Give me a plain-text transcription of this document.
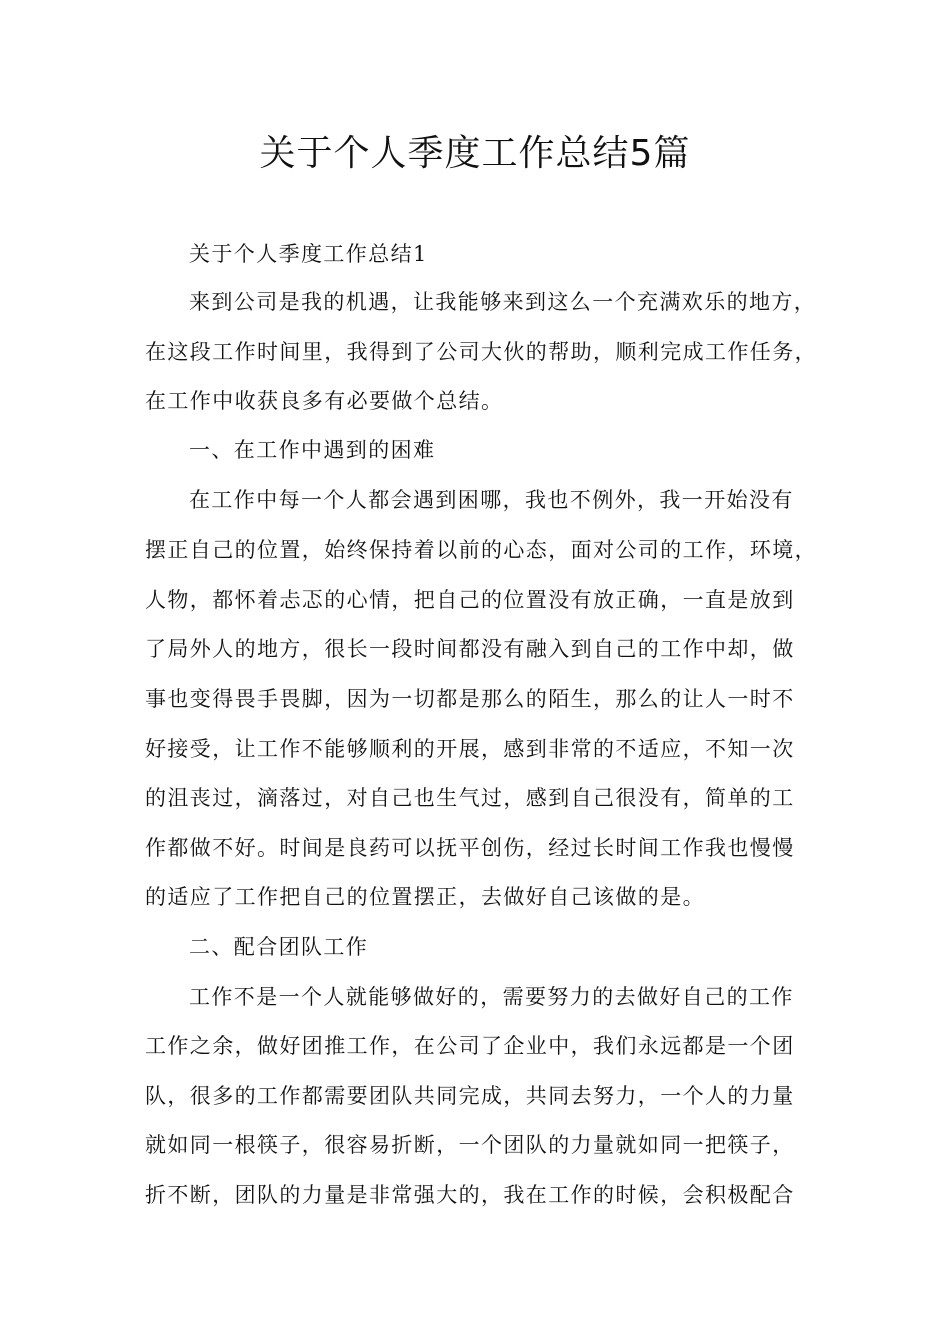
关于个人季度工作总结5篇

关于个人季度工作总结1

来到公司是我的机遇，让我能够来到这么一个充满欢乐的地方，

在这段工作时间里，我得到了公司大伙的帮助，顺利完成工作任务，

在工作中收获良多有必要做个总结。

一、在工作中遇到的困难

在工作中每一个人都会遇到困哪，我也不例外，我一开始没有

摆正自己的位置，始终保持着以前的心态，面对公司的工作，环境，

人物，都怀着忐忑的心情，把自己的位置没有放正确，一直是放到

了局外人的地方，很长一段时间都没有融入到自己的工作中却，做

事也变得畏手畏脚，因为一切都是那么的陌生，那么的让人一时不

好接受，让工作不能够顺利的开展，感到非常的不适应，不知一次

的沮丧过，滴落过，对自己也生气过，感到自己很没有，简单的工

作都做不好。时间是良药可以抚平创伤，经过长时间工作我也慢慢

的适应了工作把自己的位置摆正，去做好自己该做的是。

二、配合团队工作

工作不是一个人就能够做好的，需要努力的去做好自己的工作

工作之余，做好团推工作，在公司了企业中，我们永远都是一个团

队，很多的工作都需要团队共同完成，共同去努力，一个人的力量

就如同一根筷子，很容易折断，一个团队的力量就如同一把筷子，

折不断，团队的力量是非常强大的，我在工作的时候，会积极配合
